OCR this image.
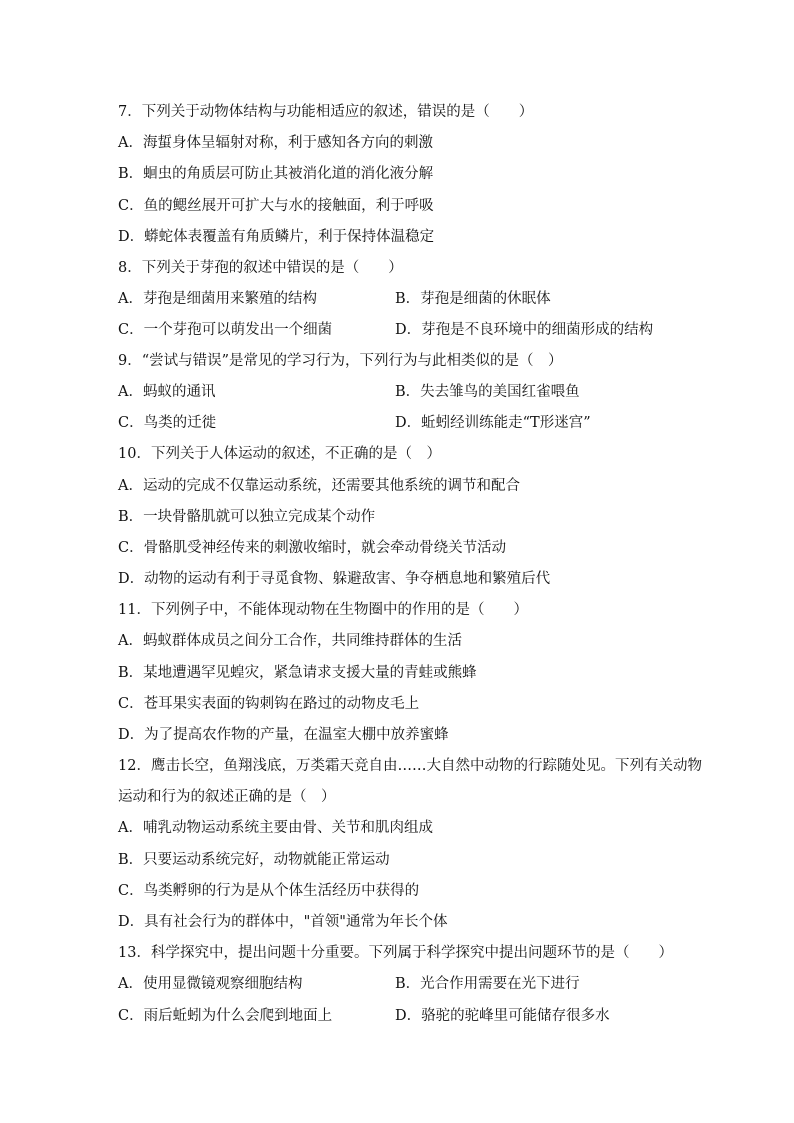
7．下列关于动物体结构与功能相适应的叙述，错误的是（　　）
A．海蜇身体呈辐射对称，利于感知各方向的刺激
B．蛔虫的角质层可防止其被消化道的消化液分解
C．鱼的鳃丝展开可扩大与水的接触面，利于呼吸
D．蟒蛇体表覆盖有角质鳞片，利于保持体温稳定
8．下列关于芽孢的叙述中错误的是（　　）
A．芽孢是细菌用来繁殖的结构	B．芽孢是细菌的休眠体
C．一个芽孢可以萌发出一个细菌	D．芽孢是不良环境中的细菌形成的结构
9．“尝试与错误”是常见的学习行为，下列行为与此相类似的是（　）
A．蚂蚁的通讯	B．失去雏鸟的美国红雀喂鱼
C．鸟类的迁徙	D．蚯蚓经训练能走“T形迷宫”
10．下列关于人体运动的叙述，不正确的是（　）
A．运动的完成不仅靠运动系统，还需要其他系统的调节和配合
B．一块骨骼肌就可以独立完成某个动作
C．骨骼肌受神经传来的刺激收缩时，就会牵动骨绕关节活动
D．动物的运动有利于寻觅食物、躲避敌害、争夺栖息地和繁殖后代
11．下列例子中，不能体现动物在生物圈中的作用的是（　　）
A．蚂蚁群体成员之间分工合作，共同维持群体的生活
B．某地遭遇罕见蝗灾，紧急请求支援大量的青蛙或熊蜂
C．苍耳果实表面的钩刺钩在路过的动物皮毛上
D．为了提高农作物的产量，在温室大棚中放养蜜蜂
12．鹰击长空，鱼翔浅底，万类霜天竞自由……大自然中动物的行踪随处见。下列有关动物
运动和行为的叙述正确的是（　）
A．哺乳动物运动系统主要由骨、关节和肌肉组成
B．只要运动系统完好，动物就能正常运动
C．鸟类孵卵的行为是从个体生活经历中获得的
D．具有社会行为的群体中，"首领"通常为年长个体
13．科学探究中，提出问题十分重要。下列属于科学探究中提出问题环节的是（　　）
A．使用显微镜观察细胞结构	B．光合作用需要在光下进行
C．雨后蚯蚓为什么会爬到地面上	D．骆驼的驼峰里可能储存很多水
